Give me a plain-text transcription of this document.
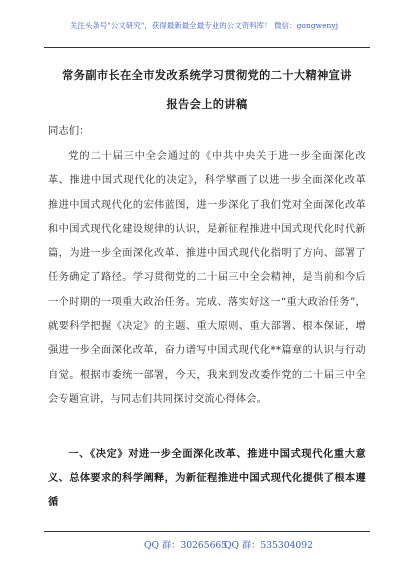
关注头条号"公文研究"，获得最新最全最专业的公文资料库！ 微信：gongwenyj
常务副市长在全市发改系统学习贯彻党的二十大精神宣讲
报告会上的讲稿
同志们：

党的二十届三中全会通过的《中共中央关于进一步全面深化改革、推进中国式现代化的决定》，科学擘画了以进一步全面深化改革推进中国式现代化的宏伟蓝图，进一步深化了我们党对全面深化改革和中国式现代化建设规律的认识，是新征程推进中国式现代化时代新篇，为进一步全面深化改革、推进中国式现代化指明了方向、部署了任务确定了路径。学习贯彻党的二十届三中全会精神，是当前和今后一个时期的一项重大政治任务。完成、落实好这一“重大政治任务”，就要科学把握《决定》的主题、重大原则、重大部署、根本保证，增强进一步全面深化改革，奋力谱写中国式现代化**篇章的认识与行动自觉。根据市委统一部署，今天，我来到发改委作党的二十届三中全会专题宣讲，与同志们共同探讨交流心得体会。

一、《决定》对进一步全面深化改革、推进中国式现代化重大意义、总体要求的科学阐释，为新征程推进中国式现代化提供了根本遵循

QQ 群：30265665
QQ 群：535304092
